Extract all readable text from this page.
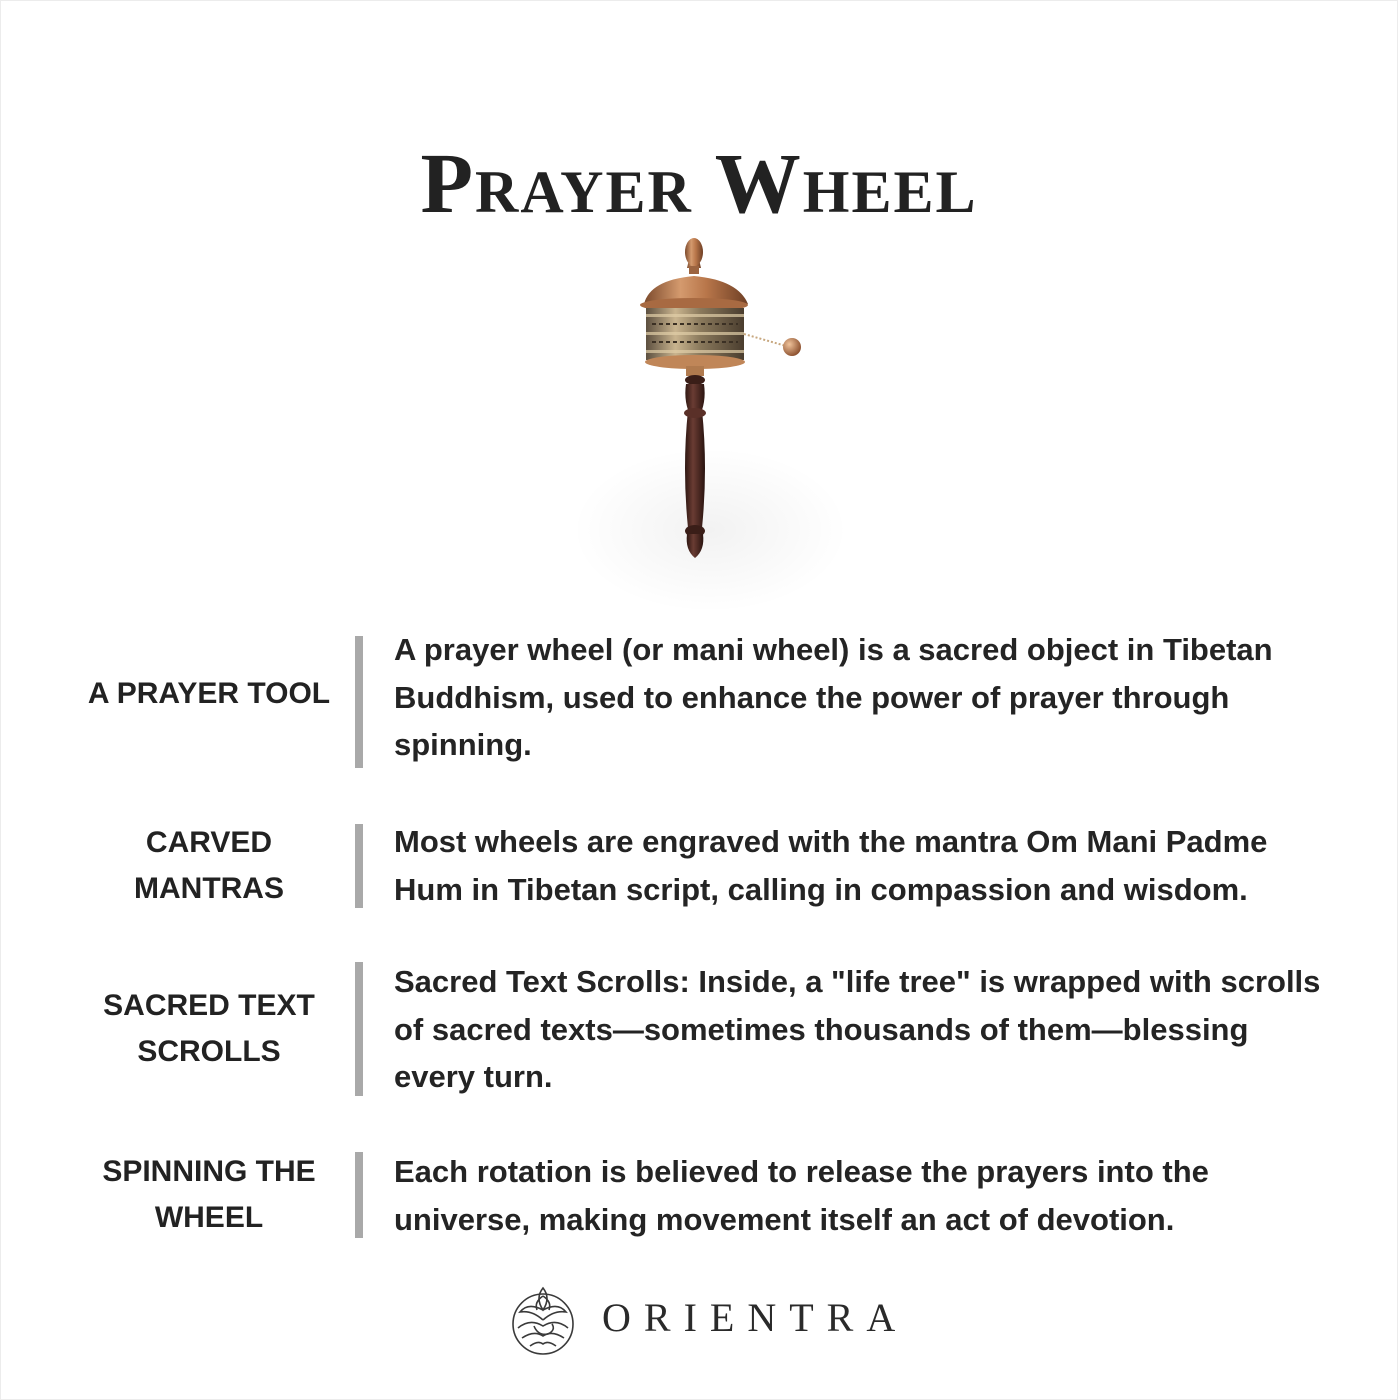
Prayer Wheel
A PRAYER TOOL
A prayer wheel (or mani wheel) is a sacred object in Tibetan Buddhism, used to enhance the power of prayer through spinning.
CARVED MANTRAS
Most wheels are engraved with the mantra Om Mani Padme Hum in Tibetan script, calling in compassion and wisdom.
SACRED TEXT SCROLLS
Sacred Text Scrolls: Inside, a "life tree" is wrapped with scrolls of sacred texts—sometimes thousands of them—blessing every turn.
SPINNING THE WHEEL
Each rotation is believed to release the prayers into the universe, making movement itself an act of devotion.
ORIENTRA
